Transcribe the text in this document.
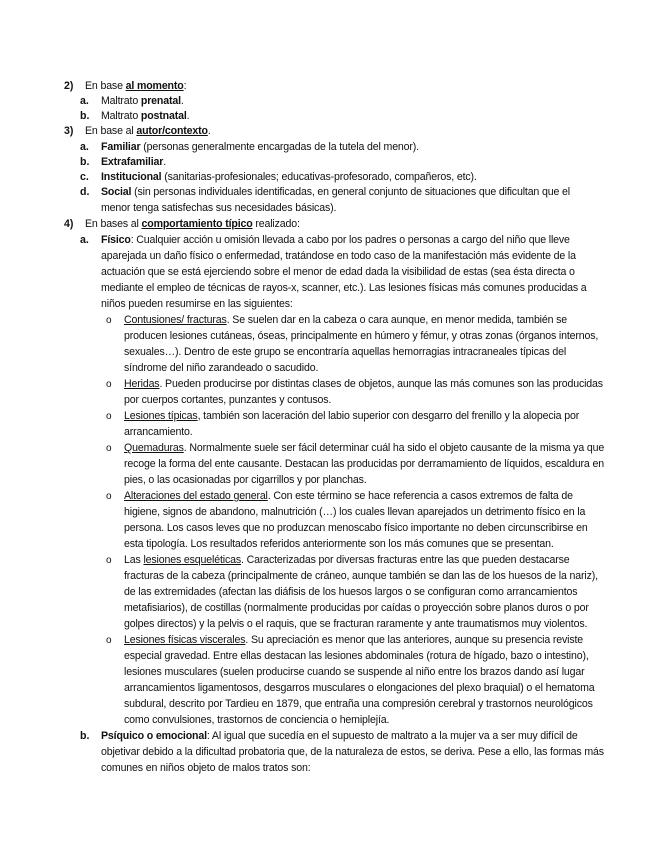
2) En base al momento:
a. Maltrato prenatal.
b. Maltrato postnatal.
3) En base al autor/contexto.
a. Familiar (personas generalmente encargadas de la tutela del menor).
b. Extrafamiliar.
c. Institucional (sanitarias-profesionales; educativas-profesorado, compañeros, etc).
d. Social (sin personas individuales identificadas, en general conjunto de situaciones que dificultan que el
menor tenga satisfechas sus necesidades básicas).
4) En bases al comportamiento típico realizado:
a. Físico: Cualquier acción u omisión llevada a cabo por los padres o personas a cargo del niño que lleve
aparejada un daño físico o enfermedad, tratándose en todo caso de la manifestación más evidente de la
actuación que se está ejerciendo sobre el menor de edad dada la visibilidad de estas (sea ésta directa o
mediante el empleo de técnicas de rayos-x, scanner, etc.). Las lesiones físicas más comunes producidas a
niños pueden resumirse en las siguientes:
o Contusiones/ fracturas. Se suelen dar en la cabeza o cara aunque, en menor medida, también se
producen lesiones cutáneas, óseas, principalmente en húmero y fémur, y otras zonas (órganos internos,
sexuales…). Dentro de este grupo se encontraría aquellas hemorragias intracraneales típicas del
síndrome del niño zarandeado o sacudido.
o Heridas. Pueden producirse por distintas clases de objetos, aunque las más comunes son las producidas
por cuerpos cortantes, punzantes y contusos.
o Lesiones típicas, también son laceración del labio superior con desgarro del frenillo y la alopecia por
arrancamiento.
o Quemaduras. Normalmente suele ser fácil determinar cuál ha sido el objeto causante de la misma ya que
recoge la forma del ente causante. Destacan las producidas por derramamiento de líquidos, escaldura en
pies, o las ocasionadas por cigarrillos y por planchas.
o Alteraciones del estado general. Con este término se hace referencia a casos extremos de falta de
higiene, signos de abandono, malnutrición (…) los cuales llevan aparejados un detrimento físico en la
persona. Los casos leves que no produzcan menoscabo físico importante no deben circunscribirse en
esta tipología. Los resultados referidos anteriormente son los más comunes que se presentan.
o Las lesiones esqueléticas. Caracterizadas por diversas fracturas entre las que pueden destacarse
fracturas de la cabeza (principalmente de cráneo, aunque también se dan las de los huesos de la nariz),
de las extremidades (afectan las diáfisis de los huesos largos o se configuran como arrancamientos
metafisiarios), de costillas (normalmente producidas por caídas o proyección sobre planos duros o por
golpes directos) y la pelvis o el raquis, que se fracturan raramente y ante traumatismos muy violentos.
o Lesiones físicas viscerales. Su apreciación es menor que las anteriores, aunque su presencia reviste
especial gravedad. Entre ellas destacan las lesiones abdominales (rotura de hígado, bazo o intestino),
lesiones musculares (suelen producirse cuando se suspende al niño entre los brazos dando así lugar
arrancamientos ligamentosos, desgarros musculares o elongaciones del plexo braquial) o el hematoma
subdural, descrito por Tardieu en 1879, que entraña una compresión cerebral y trastornos neurológicos
como convulsiones, trastornos de conciencia o hemiplejía.
b. Psíquico o emocional: Al igual que sucedía en el supuesto de maltrato a la mujer va a ser muy difícil de
objetivar debido a la dificultad probatoria que, de la naturaleza de estos, se deriva. Pese a ello, las formas más
comunes en niños objeto de malos tratos son:
